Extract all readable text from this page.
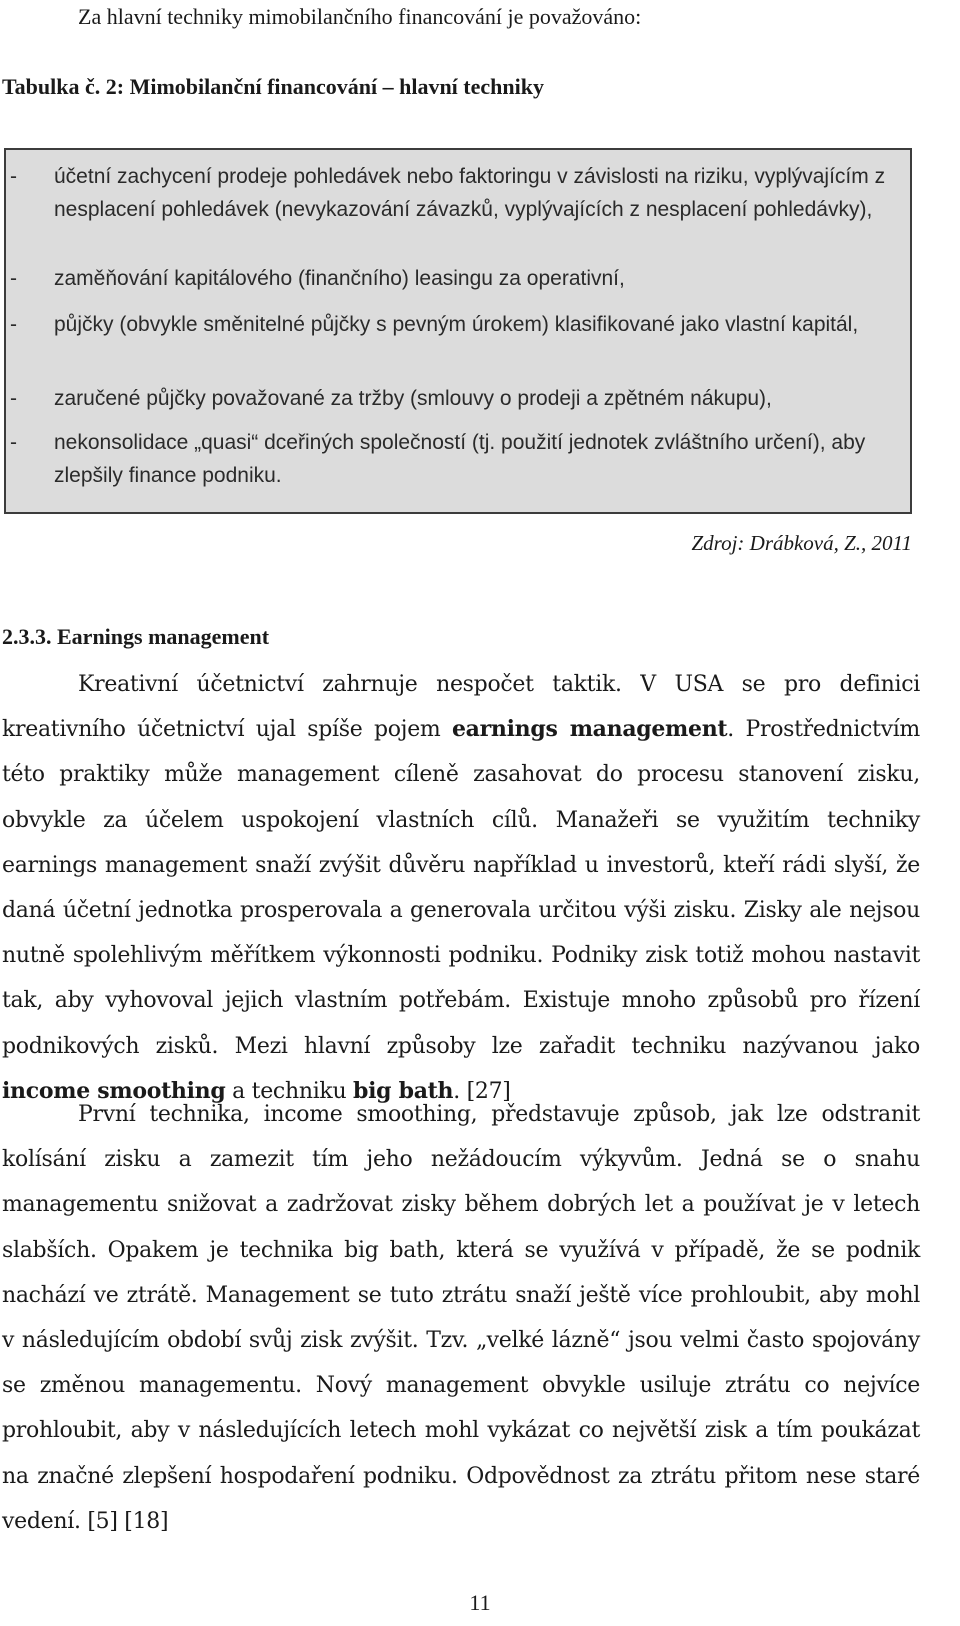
Za hlavní techniky mimobilančního financování je považováno:

Tabulka č. 2: Mimobilanční financování – hlavní techniky

-	účetní zachycení prodeje pohledávek nebo faktoringu v závislosti na riziku, vyplývajícím z nesplacení pohledávek (nevykazování závazků, vyplývajících z nesplacení pohledávky),
-	zaměňování kapitálového (finančního) leasingu za operativní,
-	půjčky (obvykle směnitelné půjčky s pevným úrokem) klasifikované jako vlastní kapitál,
-	zaručené půjčky považované za tržby (smlouvy o prodeji a zpětném nákupu),
-	nekonsolidace „quasi“ dceřiných společností (tj. použití jednotek zvláštního určení), aby zlepšily finance podniku.

Zdroj: Drábková, Z., 2011

2.3.3. Earnings management

Kreativní účetnictví zahrnuje nespočet taktik. V USA se pro definici kreativního účetnictví ujal spíše pojem earnings management. Prostřednictvím této praktiky může management cíleně zasahovat do procesu stanovení zisku, obvykle za účelem uspokojení vlastních cílů. Manažeři se využitím techniky earnings management snaží zvýšit důvěru například u investorů, kteří rádi slyší, že daná účetní jednotka prosperovala a generovala určitou výši zisku. Zisky ale nejsou nutně spolehlivým měřítkem výkonnosti podniku. Podniky zisk totiž mohou nastavit tak, aby vyhovoval jejich vlastním potřebám. Existuje mnoho způsobů pro řízení podnikových zisků. Mezi hlavní způsoby lze zařadit techniku nazývanou jako income smoothing a techniku big bath. [27]

První technika, income smoothing, představuje způsob, jak lze odstranit kolísání zisku a zamezit tím jeho nežádoucím výkyvům. Jedná se o snahu managementu snižovat a zadržovat zisky během dobrých let a používat je v letech slabších. Opakem je technika big bath, která se využívá v případě, že se podnik nachází ve ztrátě. Management se tuto ztrátu snaží ještě více prohloubit, aby mohl v následujícím období svůj zisk zvýšit. Tzv. „velké lázně“ jsou velmi často spojovány se změnou managementu. Nový management obvykle usiluje ztrátu co nejvíce prohloubit, aby v následujících letech mohl vykázat co největší zisk a tím poukázat na značné zlepšení hospodaření podniku. Odpovědnost za ztrátu přitom nese staré vedení. [5] [18]

11
